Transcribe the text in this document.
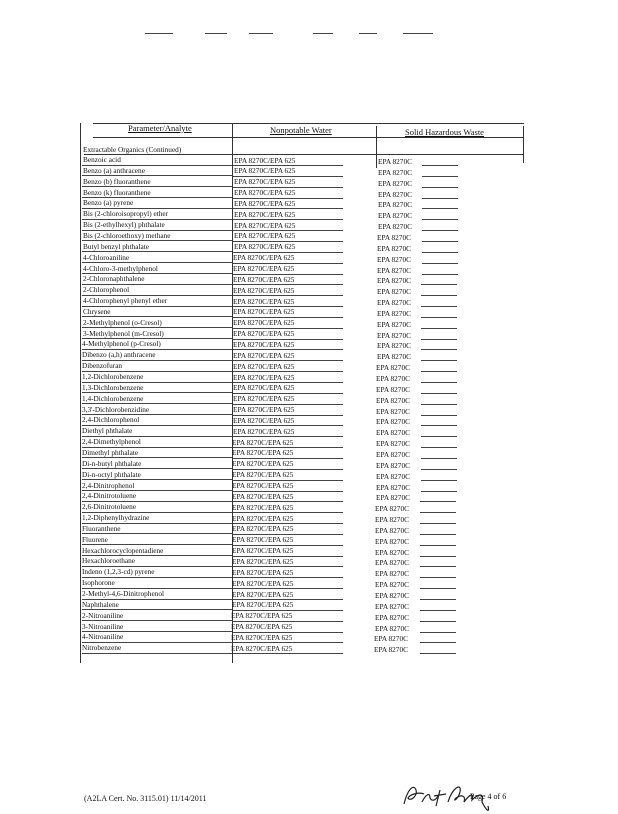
Parameter/Analyte	Nonpotable Water	Solid Hazardous Waste
Extractable Organics (Continued)
Benzoic acid	EPA 8270C/EPA 625	EPA 8270C
Benzo (a) anthracene	EPA 8270C/EPA 625	EPA 8270C
Benzo (b) fluoranthene	EPA 8270C/EPA 625	EPA 8270C
Benzo (k) fluoranthene	EPA 8270C/EPA 625	EPA 8270C
Benzo (a) pyrene	EPA 8270C/EPA 625	EPA 8270C
Bis (2-chloroisopropyl) ether	EPA 8270C/EPA 625	EPA 8270C
Bis (2-ethylhexyl) phthalate	EPA 8270C/EPA 625	EPA 8270C
Bis (2-chloroethoxy) methane	EPA 8270C/EPA 625	EPA 8270C
Butyl benzyl phthalate	EPA 8270C/EPA 625	EPA 8270C
4-Chloroaniline	EPA 8270C/EPA 625	EPA 8270C
4-Chloro-3-methylphenol	EPA 8270C/EPA 625	EPA 8270C
2-Chloronaphthalene	EPA 8270C/EPA 625	EPA 8270C
2-Chlorophenol	EPA 8270C/EPA 625	EPA 8270C
4-Chlorophenyl phenyl ether	EPA 8270C/EPA 625	EPA 8270C
Chrysene	EPA 8270C/EPA 625	EPA 8270C
2-Methylphenol (o-Cresol)	EPA 8270C/EPA 625	EPA 8270C
3-Methylphenol (m-Cresol)	EPA 8270C/EPA 625	EPA 8270C
4-Methylphenol (p-Cresol)	EPA 8270C/EPA 625	EPA 8270C
Dibenzo (a,h) anthracene	EPA 8270C/EPA 625	EPA 8270C
Dibenzofuran	EPA 8270C/EPA 625	EPA 8270C
1,2-Dichlorobenzene	EPA 8270C/EPA 625	EPA 8270C
1,3-Dichlorobenzene	EPA 8270C/EPA 625	EPA 8270C
1,4-Dichlorobenzene	EPA 8270C/EPA 625	EPA 8270C
3,3'-Dichlorobenzidine	EPA 8270C/EPA 625	EPA 8270C
2,4-Dichlorophenol	EPA 8270C/EPA 625	EPA 8270C
Diethyl phthalate	EPA 8270C/EPA 625	EPA 8270C
2,4-Dimethylphenol	EPA 8270C/EPA 625	EPA 8270C
Dimethyl phthalate	EPA 8270C/EPA 625	EPA 8270C
Di-n-butyl phthalate	EPA 8270C/EPA 625	EPA 8270C
Di-n-octyl phthalate	EPA 8270C/EPA 625	EPA 8270C
2,4-Dinitrophenol	EPA 8270C/EPA 625	EPA 8270C
2,4-Dinitrotoluene	EPA 8270C/EPA 625	EPA 8270C
2,6-Dinitrotoluene	EPA 8270C/EPA 625	EPA 8270C
1,2-Diphenylhydrazine	EPA 8270C/EPA 625	EPA 8270C
Fluoranthene	EPA 8270C/EPA 625	EPA 8270C
Fluorene	EPA 8270C/EPA 625	EPA 8270C
Hexachlorocyclopentadiene	EPA 8270C/EPA 625	EPA 8270C
Hexachloroethane	EPA 8270C/EPA 625	EPA 8270C
Indeno (1,2,3-cd) pyrene	EPA 8270C/EPA 625	EPA 8270C
Isophorone	EPA 8270C/EPA 625	EPA 8270C
2-Methyl-4,6-Dinitrophenol	EPA 8270C/EPA 625	EPA 8270C
Naphthalene	EPA 8270C/EPA 625	EPA 8270C
2-Nitroaniline	EPA 8270C/EPA 625	EPA 8270C
3-Nitroaniline	EPA 8270C/EPA 625	EPA 8270C
4-Nitroaniline	EPA 8270C/EPA 625	EPA 8270C
Nitrobenzene	EPA 8270C/EPA 625	EPA 8270C
(A2LA Cert. No. 3115.01) 11/14/2011	Page 4 of 6
